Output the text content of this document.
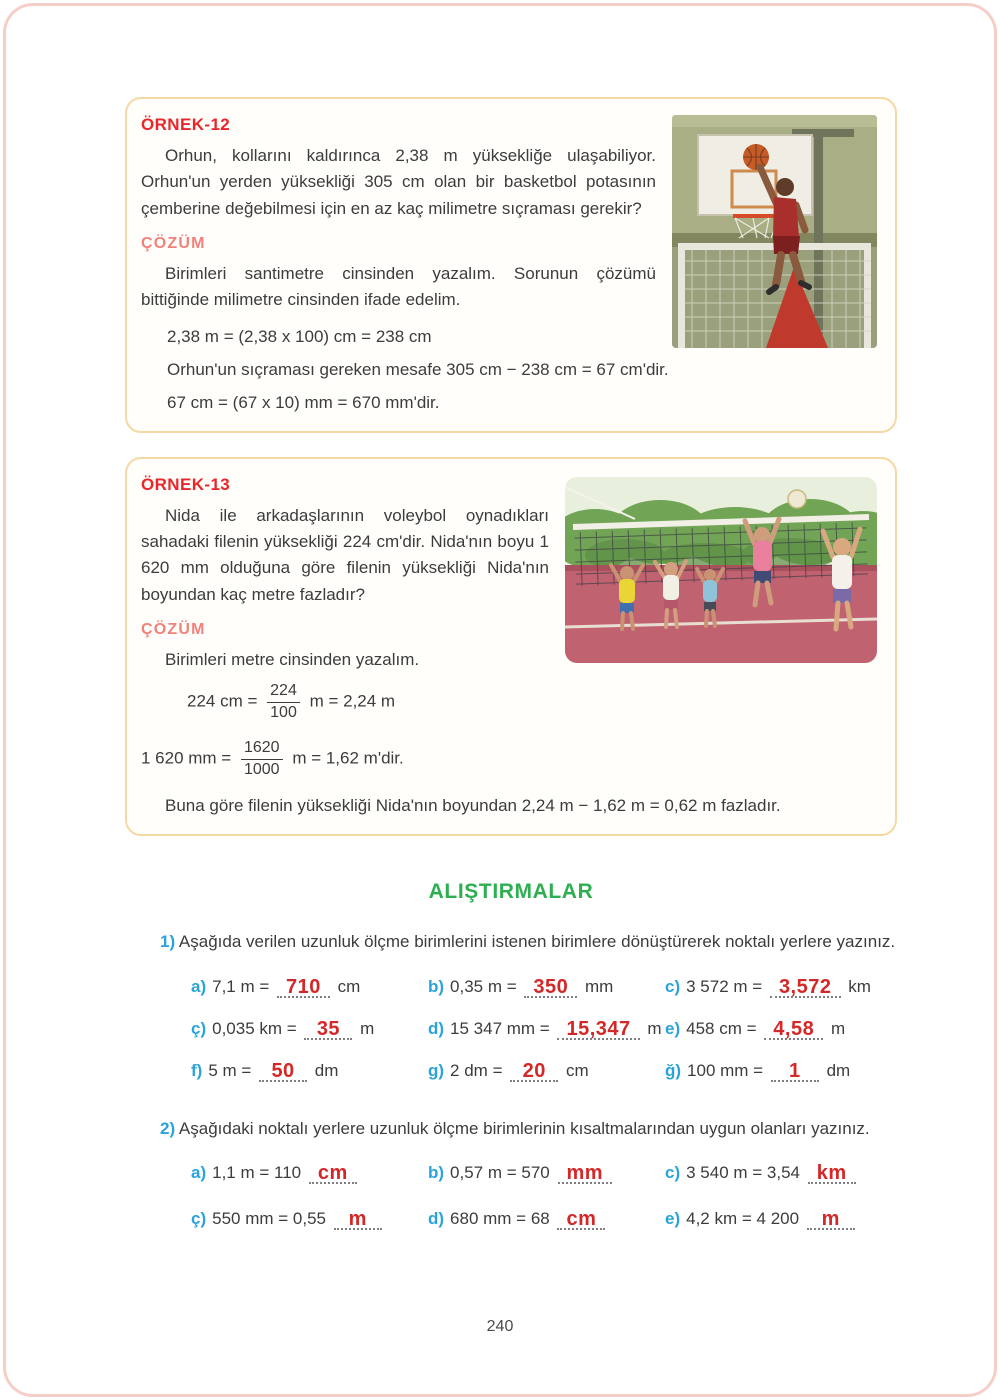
ÖRNEK-12

Orhun, kollarını kaldırınca 2,38 m yüksekliğe ulaşabiliyor. Orhun'un yerden yüksekliği 305 cm olan bir basketbol potasının çemberine değebilmesi için en az kaç milimetre sıçraması gerekir?

ÇÖZÜM

Birimleri santimetre cinsinden yazalım. Sorunun çözümü bittiğinde milimetre cinsinden ifade edelim.

2,38 m = (2,38 x 100) cm = 238 cm

Orhun'un sıçraması gereken mesafe 305 cm − 238 cm = 67 cm'dir.

67 cm = (67 x 10) mm = 670 mm'dir.

ÖRNEK-13

Nida ile arkadaşlarının voleybol oynadıkları sahadaki filenin yüksekliği 224 cm'dir. Nida'nın boyu 1 620 mm olduğuna göre filenin yüksekliği Nida'nın boyundan kaç metre fazladır?

ÇÖZÜM

Birimleri metre cinsinden yazalım.

224 cm = $\frac{224}{100}$ m = 2,24 m

1 620 mm = $\frac{1620}{1000}$ m = 1,62 m'dir.

Buna göre filenin yüksekliği Nida'nın boyundan 2,24 m − 1,62 m = 0,62 m fazladır.

ALIŞTIRMALAR

1) Aşağıda verilen uzunluk ölçme birimlerini istenen birimlere dönüştürerek noktalı yerlere yazınız.

a) 7,1 m = 710 cm	b) 0,35 m = 350 mm	c) 3 572 m = 3,572 km
ç) 0,035 km = 35 m	d) 15 347 mm = 15,347 m e) 458 cm = 4,58 m
f) 5 m = 50 dm	g) 2 dm = 20 cm	ğ) 100 mm = 1 dm

2) Aşağıdaki noktalı yerlere uzunluk ölçme birimlerinin kısaltmalarından uygun olanları yazınız.

a) 1,1 m = 110 cm	b) 0,57 m = 570 mm	c) 3 540 m = 3,54 km
ç) 550 mm = 0,55 m	d) 680 mm = 68 cm	e) 4,2 km = 4 200 m
240
